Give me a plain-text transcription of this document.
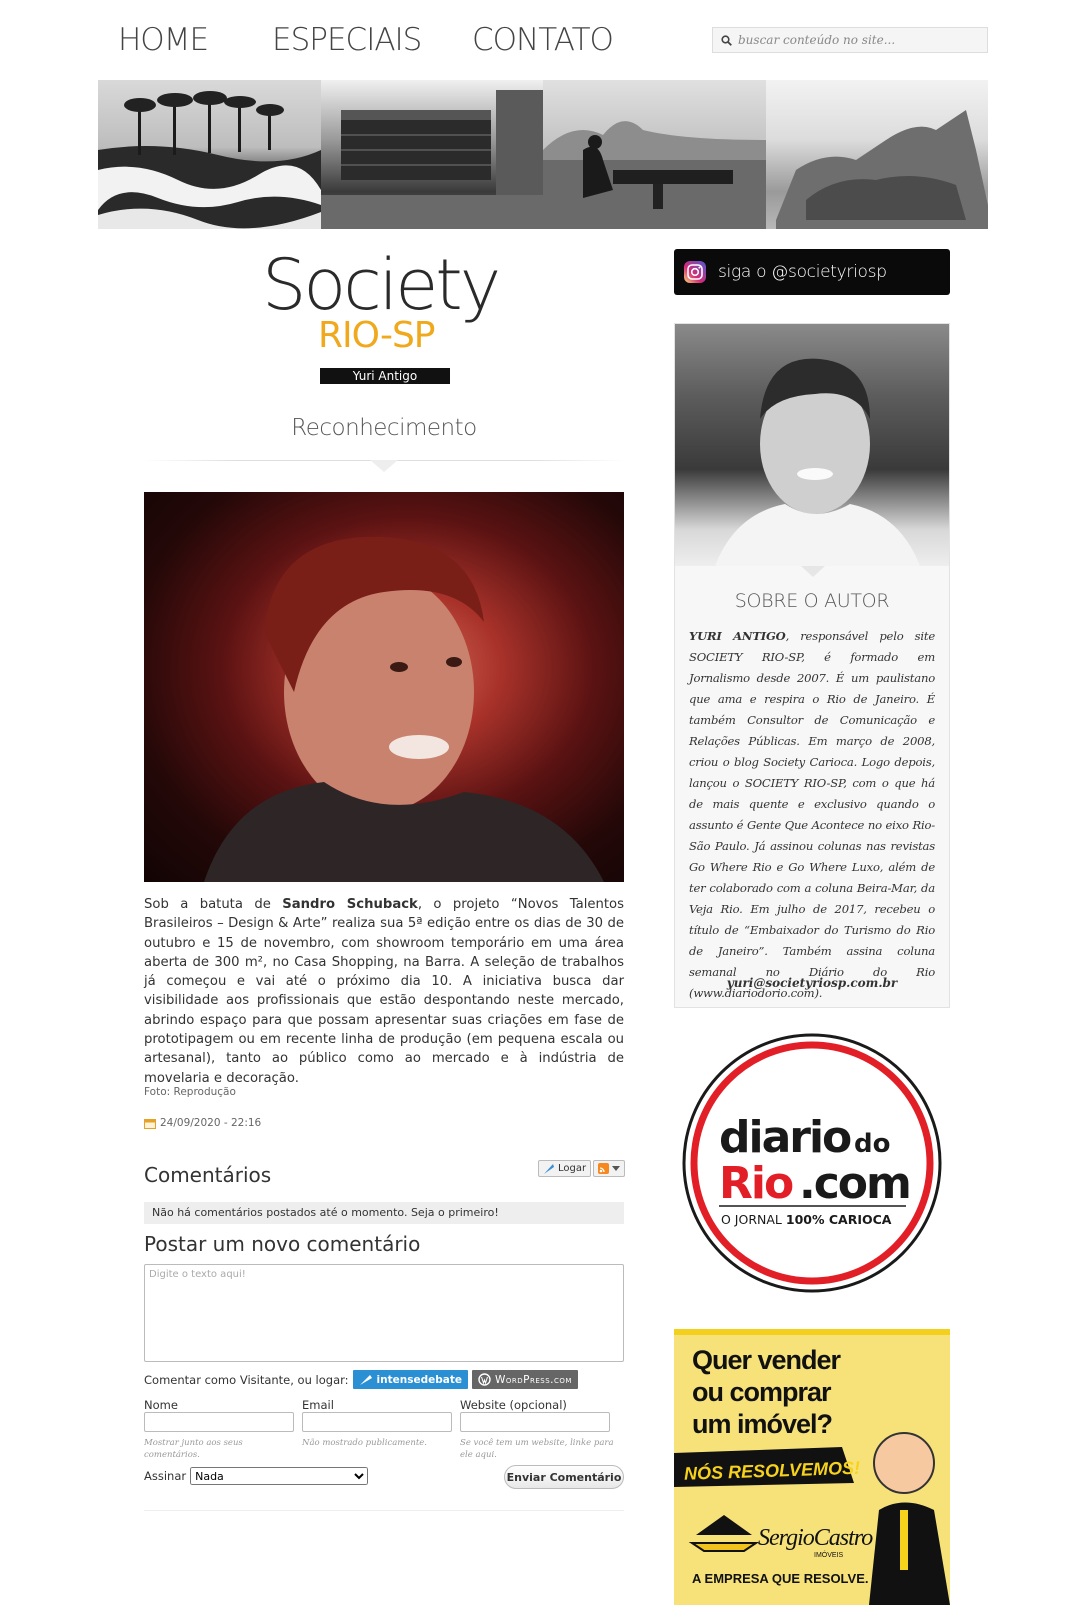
HOME ESPECIAIS CONTATO
buscar conteúdo no site...
Society
RIO-SP
Yuri Antigo
Reconhecimento
Sob a batuta de Sandro Schuback, o projeto “Novos Talentos Brasileiros – Design & Arte” realiza sua 5ª edição entre os dias de 30 de outubro e 15 de novembro, com showroom temporário em uma área aberta de 300 m², no Casa Shopping, na Barra. A seleção de trabalhos já começou e vai até o próximo dia 10. A iniciativa busca dar visibilidade aos profissionais que estão despontando neste mercado, abrindo espaço para que possam apresentar suas criações em fase de prototipagem ou em recente linha de produção (em pequena escala ou artesanal), tanto ao público como ao mercado e à indústria de movelaria e decoração.
Foto: Reprodução
24/09/2020 - 22:16
Comentários	Logar
Não há comentários postados até o momento. Seja o primeiro!
Postar um novo comentário
Digite o texto aqui!
Comentar como Visitante, ou logar:	intensedebate	WordPress.com
Nome	Email	Website (opcional)
Mostrar junto aos seus comentários.
Não mostrado publicamente.	Se você tem um website, linke para ele aqui.
Assinar
Nada	Enviar Comentário
siga o @societyriosp
SOBRE O AUTOR
YURI ANTIGO, responsável pelo site SOCIETY RIO-SP, é formado em Jornalismo desde 2007. É um paulistano que ama e respira o Rio de Janeiro. É também Consultor de Comunicação e Relações Públicas. Em março de 2008, criou o blog Society Carioca. Logo depois, lançou o SOCIETY RIO-SP, com o que há de mais quente e exclusivo quando o assunto é Gente Que Acontece no eixo Rio-São Paulo. Já assinou colunas nas revistas Go Where Rio e Go Where Luxo, além de ter colaborado com a coluna Beira-Mar, da Veja Rio. Em julho de 2017, recebeu o título de “Embaixador do Turismo do Rio de Janeiro”. Também assina coluna semanal no Diário do Rio (www.diariodorio.com).
yuri@societyriosp.com.br
diario do
Rio .com
O JORNAL 100% CARIOCA
Quer vender
ou comprar
um imóvel?
NÓS RESOLVEMOS!
SergioCastro
IMÓVEIS
A EMPRESA QUE RESOLVE.
